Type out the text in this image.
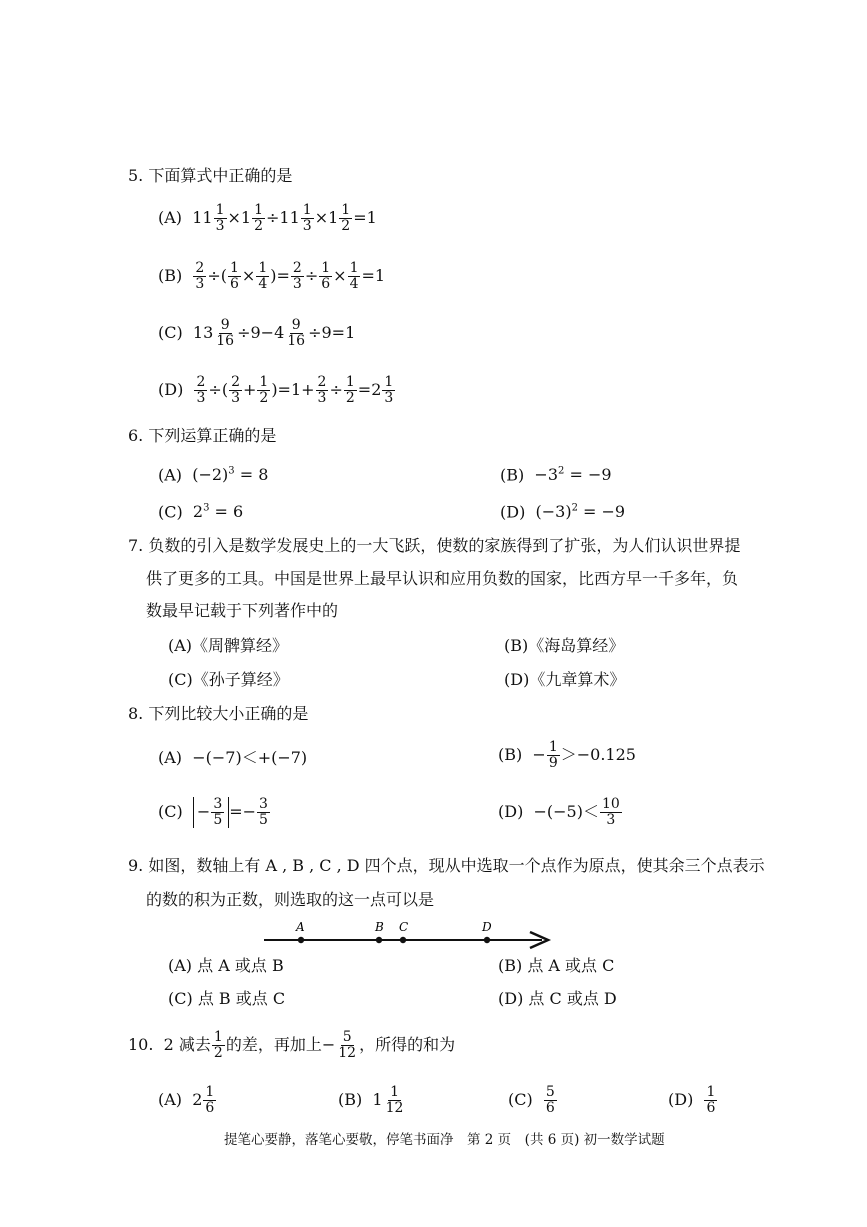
5. 下面算式中正确的是
(A) $11 \frac{1}{3} \times 1 \frac{1}{2} \div 11 \frac{1}{3} \times 1 \frac{1}{2} =1$
$(B) \frac{2}{3}$ ÷( $\frac{1}{6} \times \frac{1}{4}$ )= $\frac{2}{3} \div \frac{1}{6} \times \frac{1}{4} =1$
(C) $13 \frac{9}{16} \div 9-4 \frac{9}{16} \div 9=1$
$(D) \frac{2}{3}$ ÷( $\frac{2}{3} + \frac{1}{2} )=1+ \frac{2}{3} \div \frac{1}{2} =2 \frac{1}{3}$
6. 下列运算正确的是
(A) $(-2)^3 = 8$	$(B) -3^2 = -9$
(C) $2^3 = 6$	(D) $(-3)^2 = -9$
7. 负数的引入是数学发展史上的一大飞跃，使数的家族得到了扩张，为人们认识世界提
供了更多的工具。中国是世界上最早认识和应用负数的国家，比西方早一千多年，负
数最早记载于下列著作中的
(A)《周髀算经》	(B)《海岛算经》
(C)《孙子算经》	(D)《九章算术》
8. 下列比较大小正确的是
(A) −(−7)＜+(−7)	$(B) - \frac{1}{9} >-0.125$
$(C) - \frac{3}{5} =- \frac{3}{5}$	$(D) -(-5)< \frac{10}{3}$
9. 如图，数轴上有 A , B , C , D 四个点，现从中选取一个点作为原点，使其余三个点表示
的数的积为正数，则选取的这一点可以是
A	B C	D
(A) 点 A 或点 B	(B) 点 A 或点 C
(C) 点 B 或点 C	(D) 点 C 或点 D
10.  2 减去 $\frac{1}{2}$ 的差，再加上− $\frac{5}{12}$ ，所得的和为
(A)  $2 \frac{1}{6}$	(B)  $1 \frac{1}{12}$	$(C) \frac{5}{6}$	$(D) \frac{1}{6}$
提笔心要静，落笔心要敬，停笔书面净　第 2 页　(共 6 页) 初一数学试题
